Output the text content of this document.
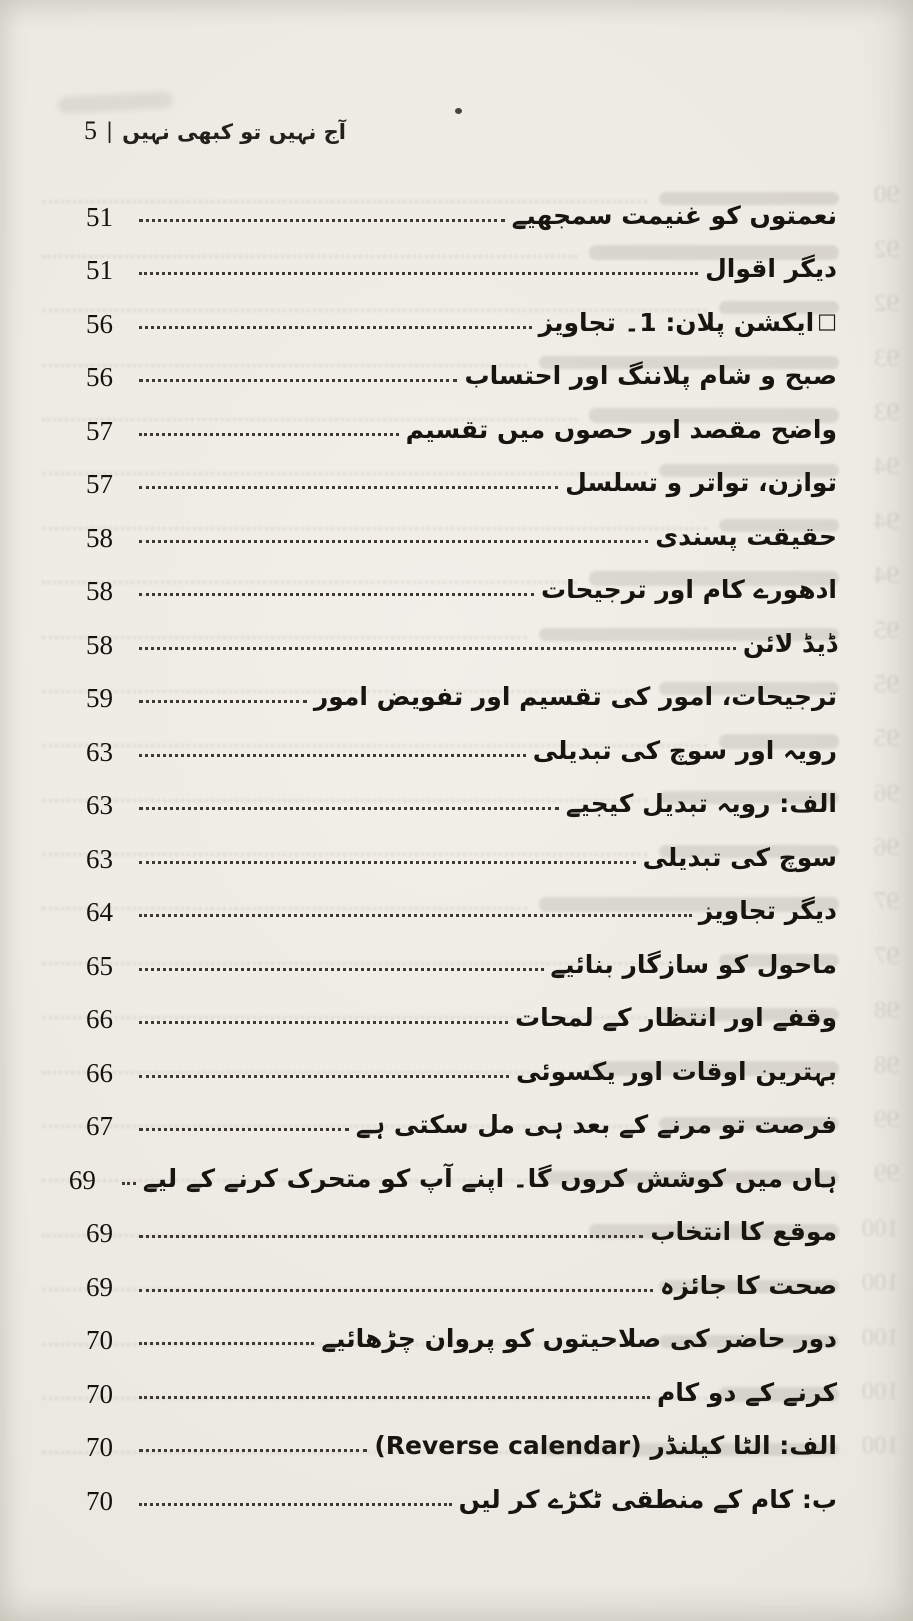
90
92
92
93
93
94
94
94
95
95
95
96
96
97
97
98
98
99
99
100
100
100
100
100
آج نہیں تو کبھی نہیں
|
5
نعمتوں کو غنیمت سمجھیے
51
دیگر اقوال
51
□
ایکشن پلان: 1۔ تجاویز
56
صبح و شام پلاننگ اور احتساب
56
واضح مقصد اور حصوں میں تقسیم
57
توازن، تواتر و تسلسل
57
حقیقت پسندی
58
ادھورے کام اور ترجیحات
58
ڈیڈ لائن
58
ترجیحات، امور کی تقسیم اور تفویض امور
59
رویہ اور سوچ کی تبدیلی
63
الف: رویہ تبدیل کیجیے
63
سوچ کی تبدیلی
63
دیگر تجاویز
64
ماحول کو سازگار بنائیے
65
وقفے اور انتظار کے لمحات
66
بہترین اوقات اور یکسوئی
66
فرصت تو مرنے کے بعد ہی مل سکتی ہے
67
ہاں میں کوشش کروں گا۔ اپنے آپ کو متحرک کرنے کے لیے
69
موقع کا انتخاب
69
صحت کا جائزہ
69
دور حاضر کی صلاحیتوں کو پروان چڑھائیے
70
کرنے کے دو کام
70
الف: الٹا کیلنڈر (Reverse calendar)
70
ب: کام کے منطقی ٹکڑے کر لیں
70
